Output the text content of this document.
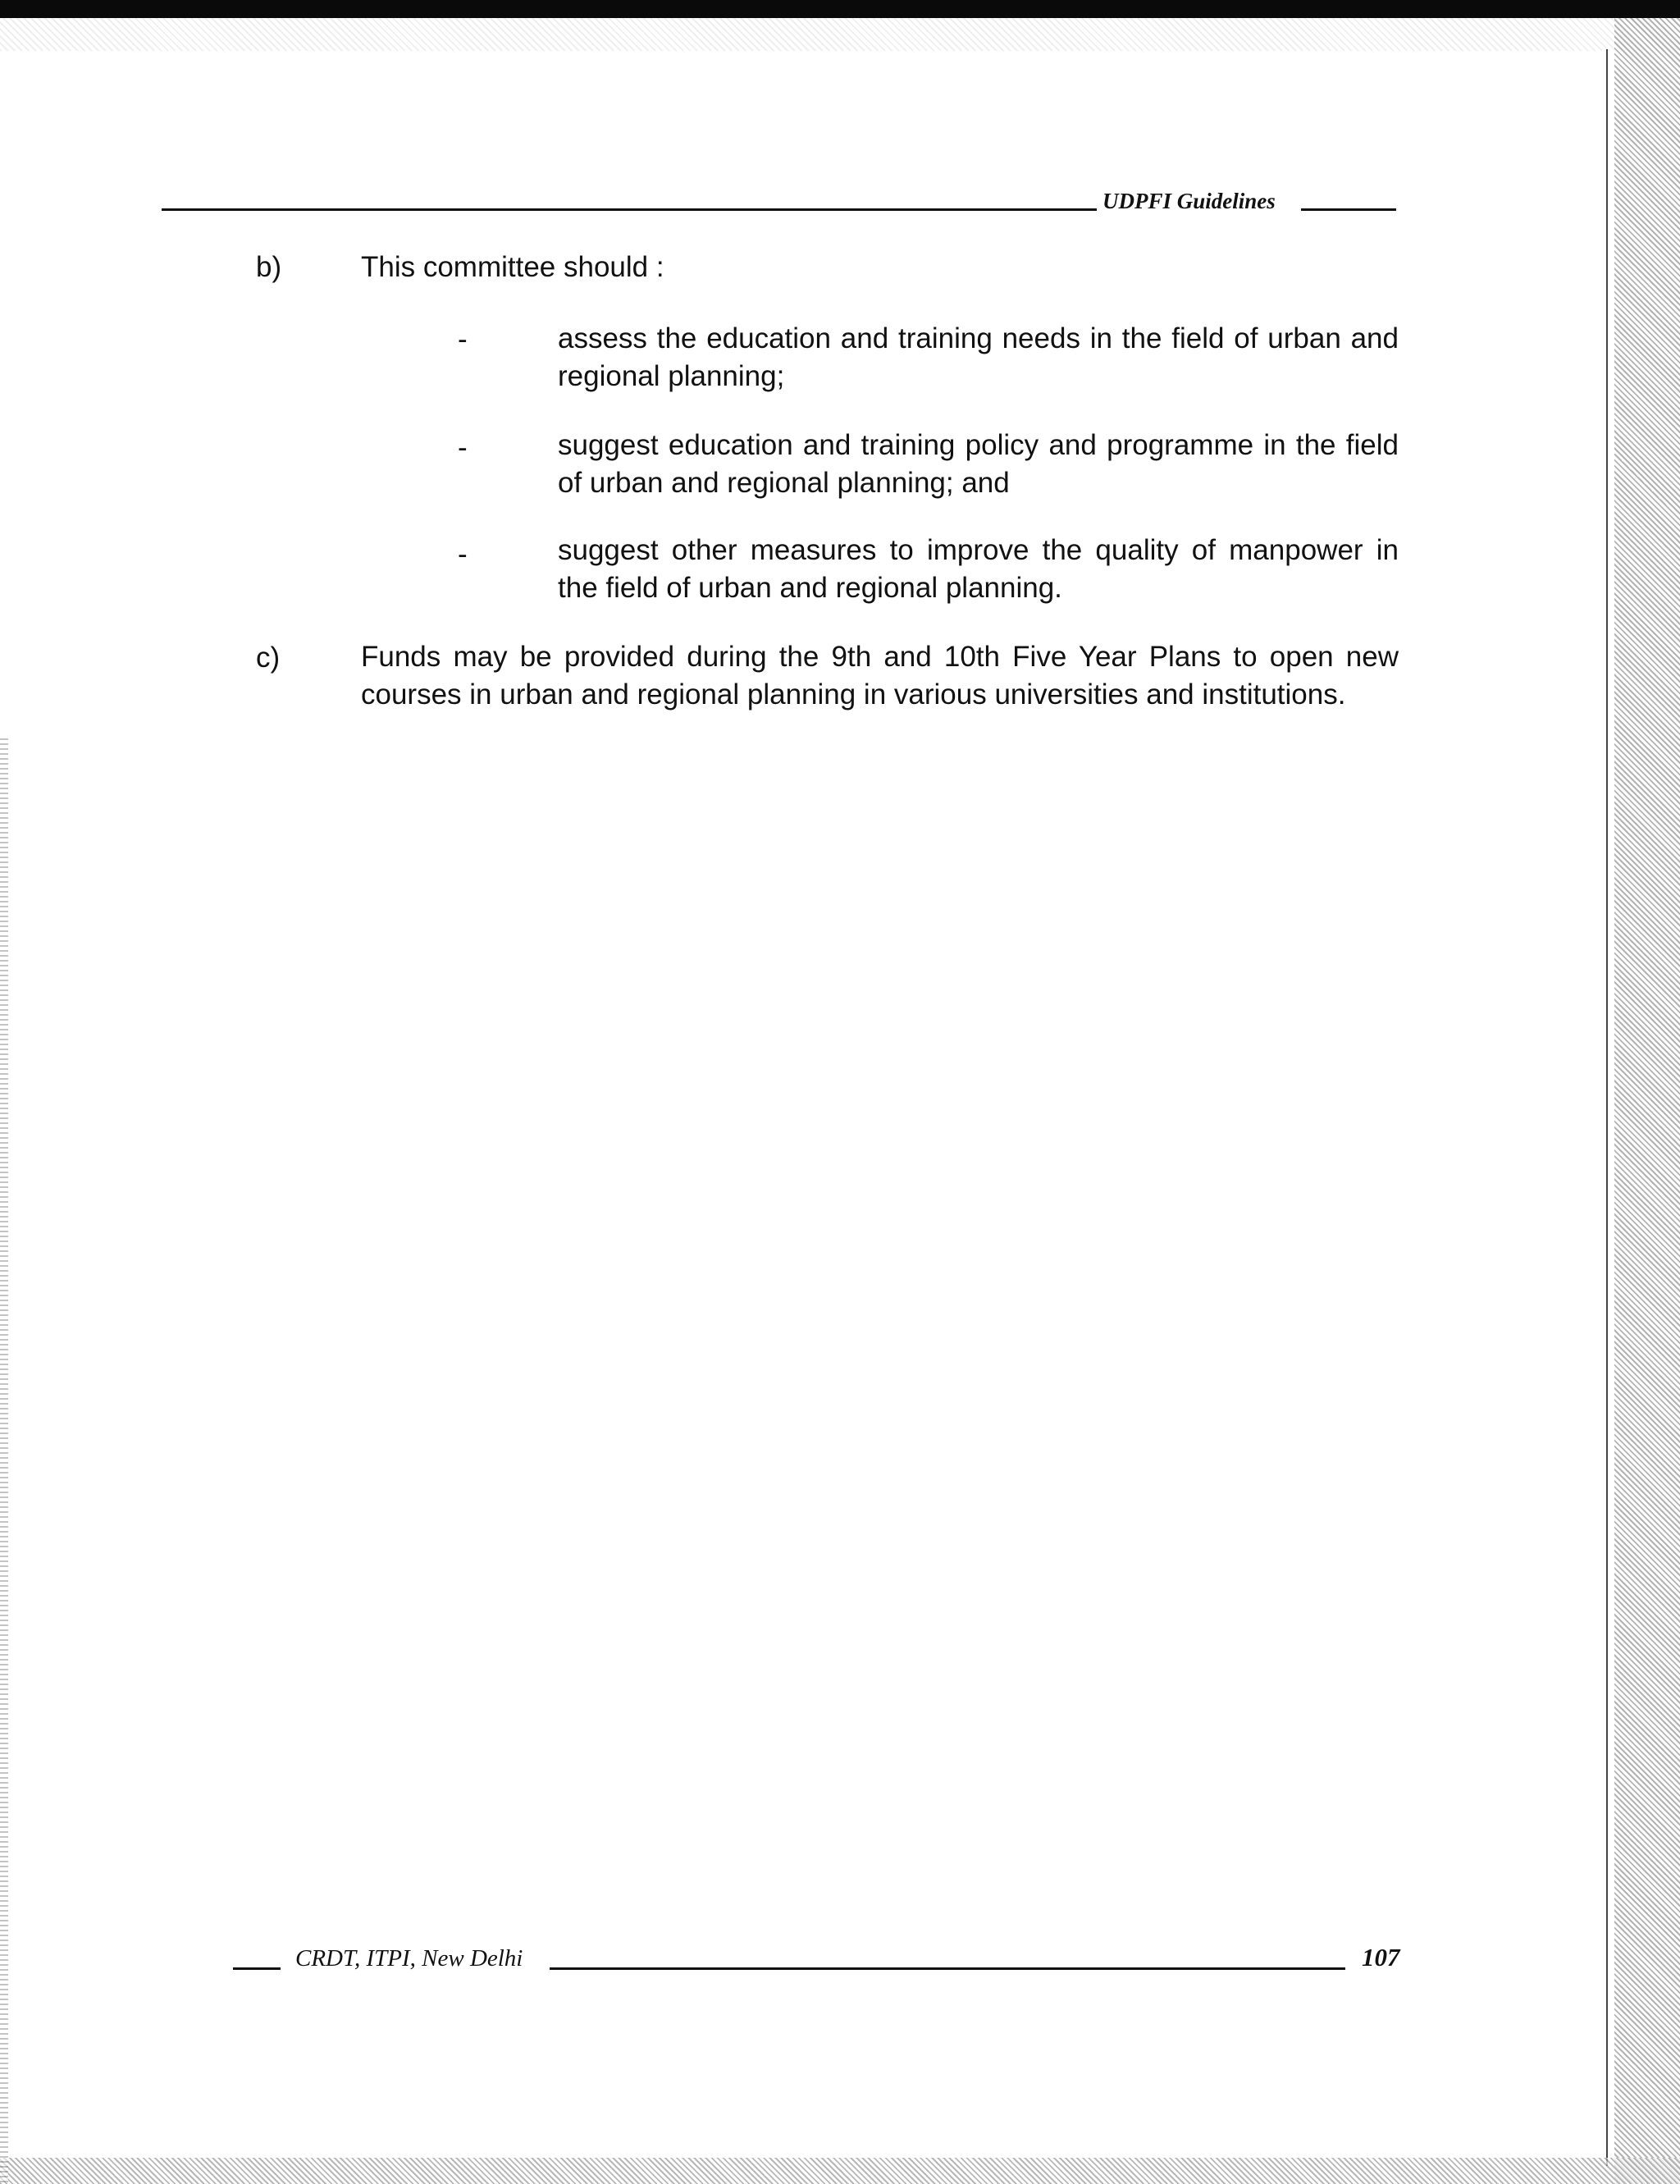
UDPFI Guidelines
b)	This committee should :
-	assess the education and training needs in the field of urban and regional planning;
-	suggest education and training policy and programme in the field of urban and regional planning; and
-	suggest other measures to improve the quality of manpower in the field of urban and regional planning.
c)	Funds may be provided during the 9th and 10th Five Year Plans to open new courses in urban and regional planning in various universities and institutions.
CRDT, ITPI, New Delhi	107
